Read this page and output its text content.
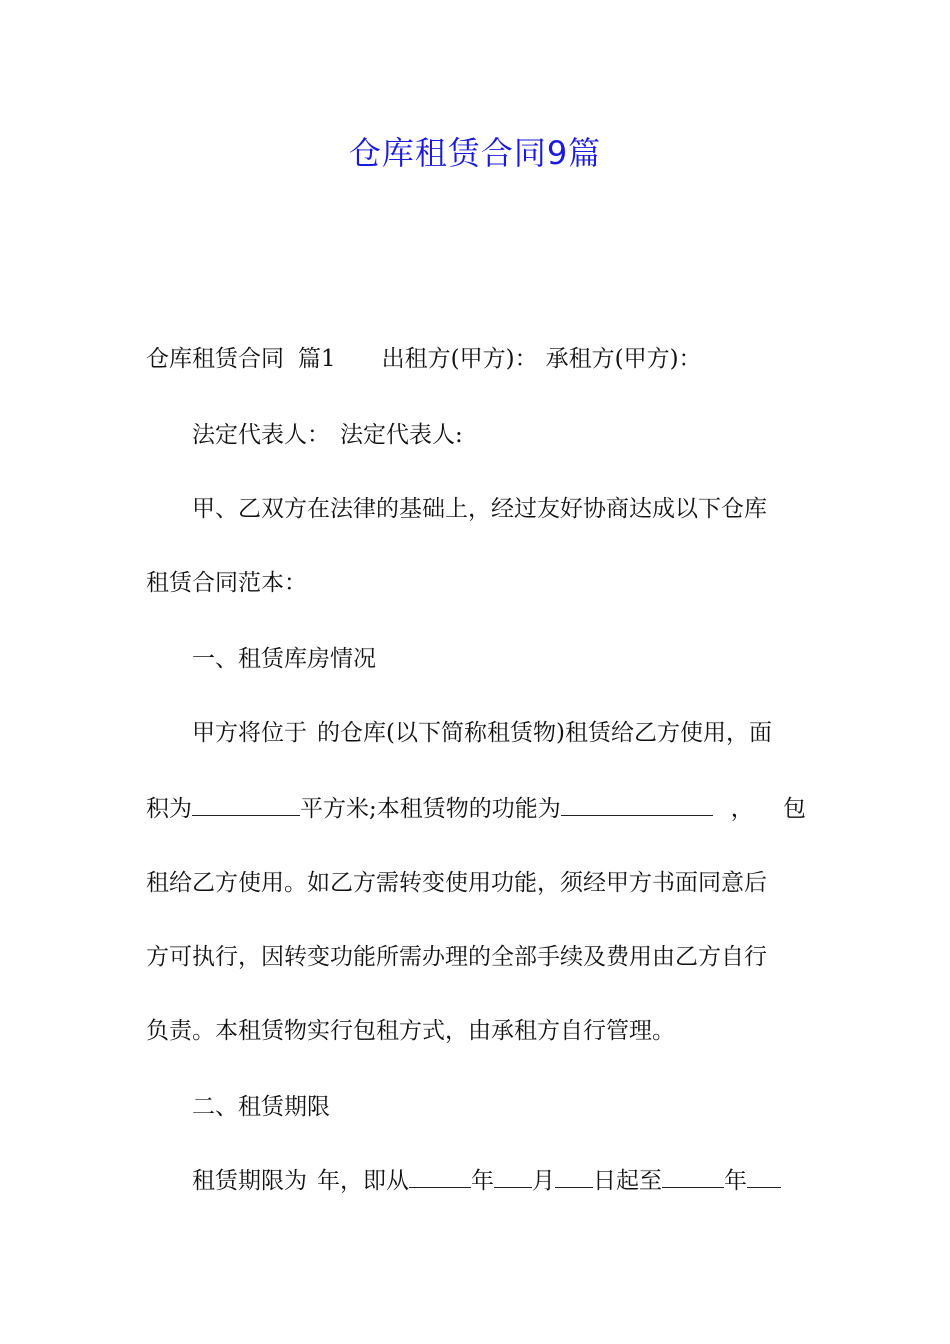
仓库租赁合同9篇
仓库租赁合同 篇1 出租方(甲方)： 承租方(甲方)：
法定代表人： 法定代表人:
甲、乙双方在法律的基础上，经过友好协商达成以下仓库
租赁合同范本：
一、租赁库房情况
甲方将位于 的仓库(以下简称租赁物)租赁给乙方使用，面
积为	平方米;本租赁物的功能为	， 包
租给乙方使用。如乙方需转变使用功能，须经甲方书面同意后
方可执行，因转变功能所需办理的全部手续及费用由乙方自行
负责。本租赁物实行包租方式，由承租方自行管理。
二、租赁期限
租赁期限为 年，即从	年 月 日起至	年
